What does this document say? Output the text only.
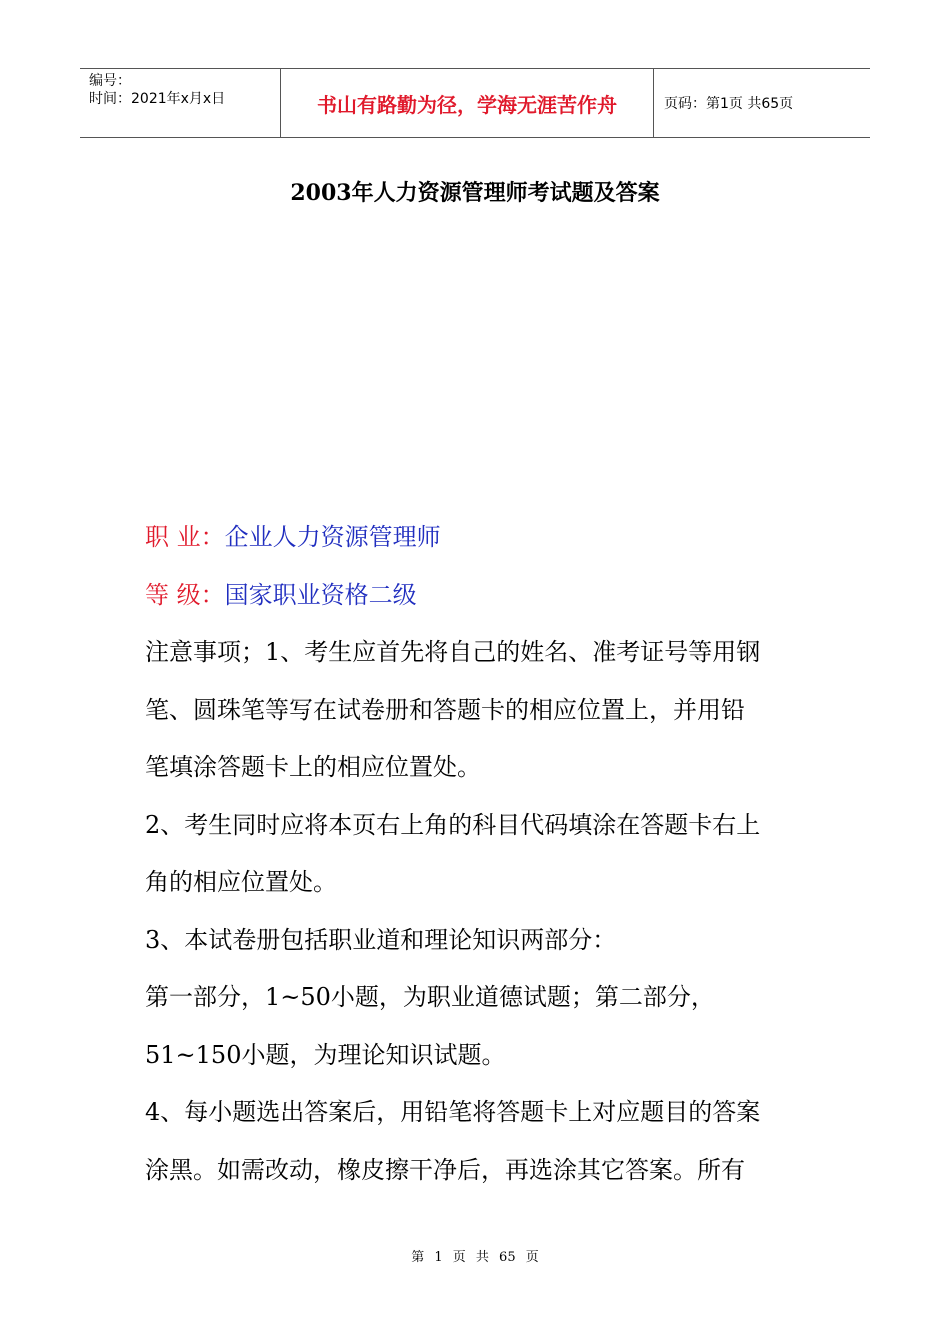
编号：
时间：2021年x月x日	书山有路勤为径，学海无涯苦作舟	页码：第1页 共65页
2003年人力资源管理师考试题及答案
职 业：企业人力资源管理师
等 级：国家职业资格二级
注意事项；1、考生应首先将自己的姓名、准考证号等用钢
笔、圆珠笔等写在试卷册和答题卡的相应位置上，并用铅
笔填涂答题卡上的相应位置处。
2、考生同时应将本页右上角的科目代码填涂在答题卡右上
角的相应位置处。
3、本试卷册包括职业道和理论知识两部分：
第一部分，1~50小题，为职业道德试题；第二部分，
51~150小题，为理论知识试题。
4、每小题选出答案后，用铅笔将答题卡上对应题目的答案
涂黑。如需改动，橡皮擦干净后，再选涂其它答案。所有
第 1 页 共 65 页
